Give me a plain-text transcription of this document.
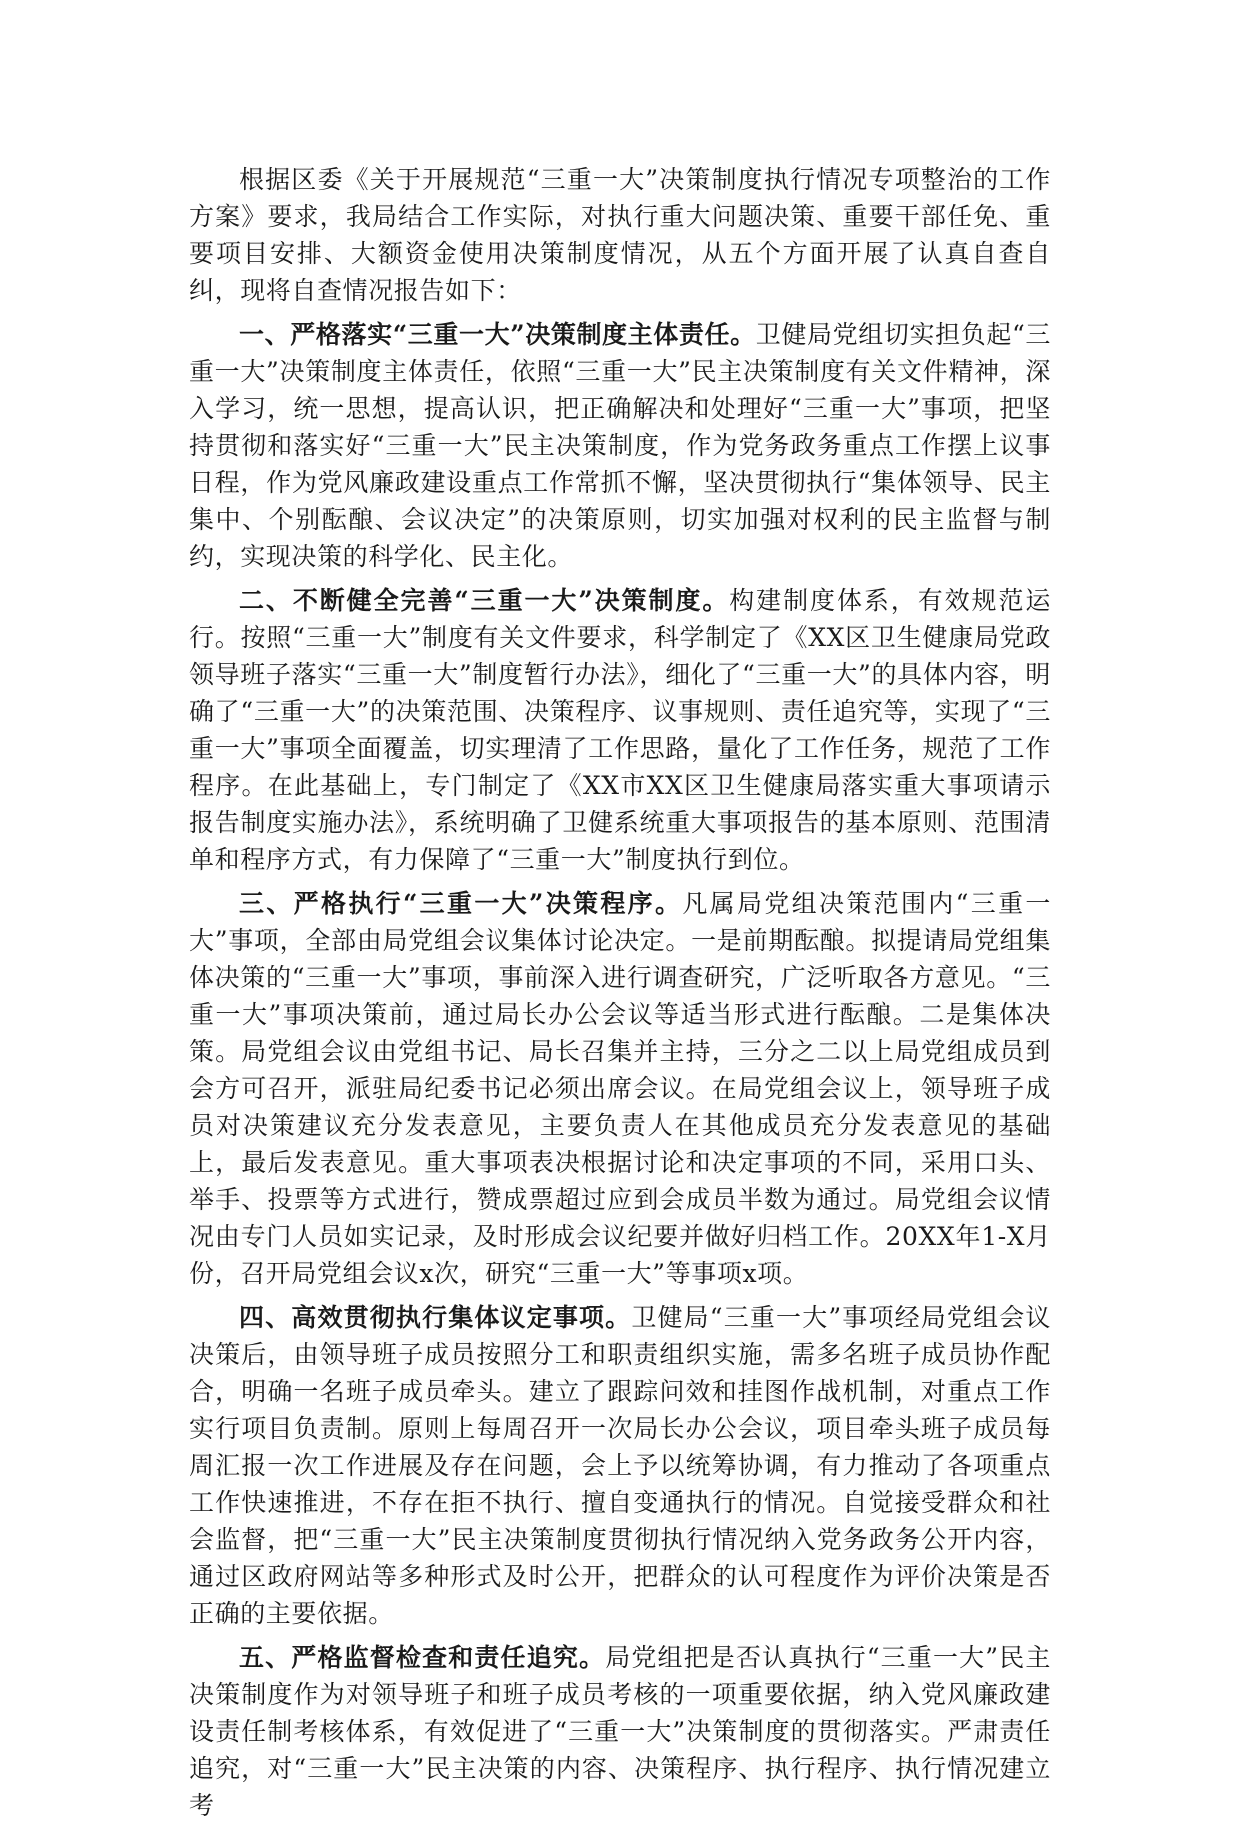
根据区委《关于开展规范“三重一大”决策制度执行情况专项整治的工作方案》要求，我局结合工作实际，对执行重大问题决策、重要干部任免、重要项目安排、大额资金使用决策制度情况，从五个方面开展了认真自查自纠，现将自查情况报告如下：

一、严格落实“三重一大”决策制度主体责任。卫健局党组切实担负起“三重一大”决策制度主体责任，依照“三重一大”民主决策制度有关文件精神，深入学习，统一思想，提高认识，把正确解决和处理好“三重一大”事项，把坚持贯彻和落实好“三重一大”民主决策制度，作为党务政务重点工作摆上议事日程，作为党风廉政建设重点工作常抓不懈，坚决贯彻执行“集体领导、民主集中、个别酝酿、会议决定”的决策原则，切实加强对权利的民主监督与制约，实现决策的科学化、民主化。

二、不断健全完善“三重一大”决策制度。构建制度体系，有效规范运行。按照“三重一大”制度有关文件要求，科学制定了《XX区卫生健康局党政领导班子落实“三重一大”制度暂行办法》，细化了“三重一大”的具体内容，明确了“三重一大”的决策范围、决策程序、议事规则、责任追究等，实现了“三重一大”事项全面覆盖，切实理清了工作思路，量化了工作任务，规范了工作程序。在此基础上，专门制定了《XX市XX区卫生健康局落实重大事项请示报告制度实施办法》，系统明确了卫健系统重大事项报告的基本原则、范围清单和程序方式，有力保障了“三重一大”制度执行到位。

三、严格执行“三重一大”决策程序。凡属局党组决策范围内“三重一大”事项，全部由局党组会议集体讨论决定。一是前期酝酿。拟提请局党组集体决策的“三重一大”事项，事前深入进行调查研究，广泛听取各方意见。“三重一大”事项决策前，通过局长办公会议等适当形式进行酝酿。二是集体决策。局党组会议由党组书记、局长召集并主持，三分之二以上局党组成员到会方可召开，派驻局纪委书记必须出席会议。在局党组会议上，领导班子成员对决策建议充分发表意见，主要负责人在其他成员充分发表意见的基础上，最后发表意见。重大事项表决根据讨论和决定事项的不同，采用口头、举手、投票等方式进行，赞成票超过应到会成员半数为通过。局党组会议情况由专门人员如实记录，及时形成会议纪要并做好归档工作。20XX年1-X月份，召开局党组会议x次，研究“三重一大”等事项x项。

四、高效贯彻执行集体议定事项。卫健局“三重一大”事项经局党组会议决策后，由领导班子成员按照分工和职责组织实施，需多名班子成员协作配合，明确一名班子成员牵头。建立了跟踪问效和挂图作战机制，对重点工作实行项目负责制。原则上每周召开一次局长办公会议，项目牵头班子成员每周汇报一次工作进展及存在问题，会上予以统筹协调，有力推动了各项重点工作快速推进，不存在拒不执行、擅自变通执行的情况。自觉接受群众和社会监督，把“三重一大”民主决策制度贯彻执行情况纳入党务政务公开内容，通过区政府网站等多种形式及时公开，把群众的认可程度作为评价决策是否正确的主要依据。

五、严格监督检查和责任追究。局党组把是否认真执行“三重一大”民主决策制度作为对领导班子和班子成员考核的一项重要依据，纳入党风廉政建设责任制考核体系，有效促进了“三重一大”决策制度的贯彻落实。严肃责任追究，对“三重一大”民主决策的内容、决策程序、执行程序、执行情况建立考
